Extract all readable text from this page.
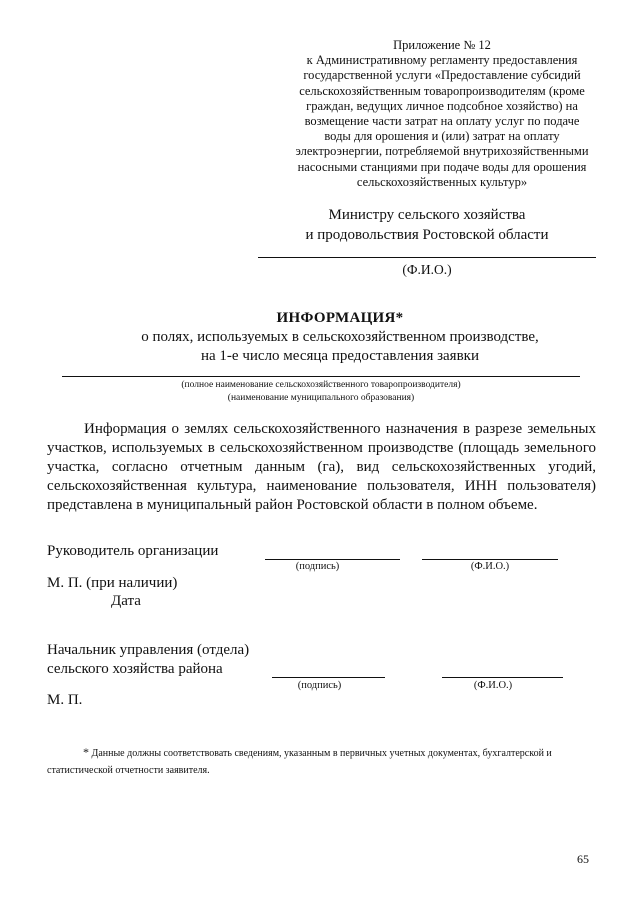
Приложение № 12
к Административному регламенту предоставления
государственной услуги «Предоставление субсидий
сельскохозяйственным товаропроизводителям (кроме
граждан, ведущих личное подсобное хозяйство) на
возмещение части затрат на оплату услуг по подаче
воды для орошения и (или) затрат на оплату
электроэнергии, потребляемой внутрихозяйственными
насосными станциями при подаче воды для орошения
сельскохозяйственных культур»
Министру сельского хозяйства
и продовольствия Ростовской области
(Ф.И.О.)
ИНФОРМАЦИЯ*
о полях, используемых в сельскохозяйственном производстве,
на 1-е число месяца предоставления заявки
(полное наименование сельскохозяйственного товаропроизводителя)
(наименование муниципального образования)
Информация о землях сельскохозяйственного назначения в разрезе земельных участков, используемых в сельскохозяйственном производстве (площадь земельного участка, согласно отчетным данным (га), вид сельскохозяйственных угодий, сельскохозяйственная культура, наименование пользователя, ИНН пользователя) представлена в муниципальный район Ростовской области в полном объеме.
Руководитель организации
(подпись)	(Ф.И.О.)
М. П. (при наличии)
Дата
Начальник управления (отдела)
сельского хозяйства района
(подпись)	(Ф.И.О.)
М. П.
* Данные должны соответствовать сведениям, указанным в первичных учетных документах, бухгалтерской и статистической отчетности заявителя.
65
